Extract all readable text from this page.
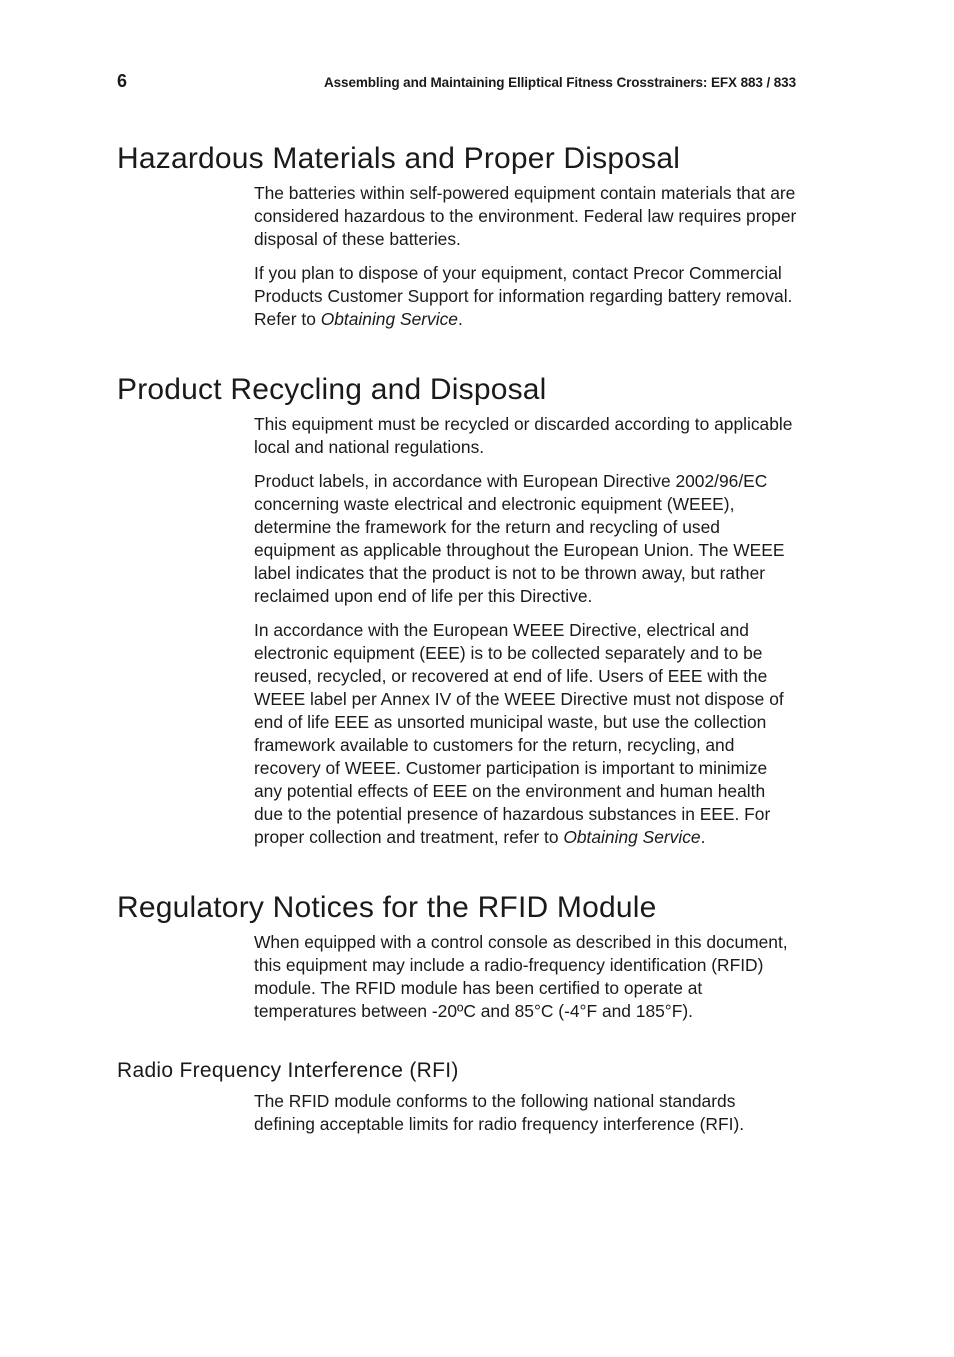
6	Assembling and Maintaining Elliptical Fitness Crosstrainers: EFX 883 / 833
Hazardous Materials and Proper Disposal

The batteries within self-powered equipment contain materials that are considered hazardous to the environment. Federal law requires proper disposal of these batteries.

If you plan to dispose of your equipment, contact Precor Commercial Products Customer Support for information regarding battery removal. Refer to Obtaining Service.

Product Recycling and Disposal

This equipment must be recycled or discarded according to applicable local and national regulations.

Product labels, in accordance with European Directive 2002/96/EC concerning waste electrical and electronic equipment (WEEE), determine the framework for the return and recycling of used equipment as applicable throughout the European Union. The WEEE label indicates that the product is not to be thrown away, but rather reclaimed upon end of life per this Directive.

In accordance with the European WEEE Directive, electrical and electronic equipment (EEE) is to be collected separately and to be reused, recycled, or recovered at end of life. Users of EEE with the WEEE label per Annex IV of the WEEE Directive must not dispose of end of life EEE as unsorted municipal waste, but use the collection framework available to customers for the return, recycling, and recovery of WEEE. Customer participation is important to minimize any potential effects of EEE on the environment and human health due to the potential presence of hazardous substances in EEE. For proper collection and treatment, refer to Obtaining Service.

Regulatory Notices for the RFID Module

When equipped with a control console as described in this document, this equipment may include a radio-frequency identification (RFID) module. The RFID module has been certified to operate at temperatures between -20ºC and 85°C (-4°F and 185°F).

Radio Frequency Interference (RFI)

The RFID module conforms to the following national standards defining acceptable limits for radio frequency interference (RFI).
